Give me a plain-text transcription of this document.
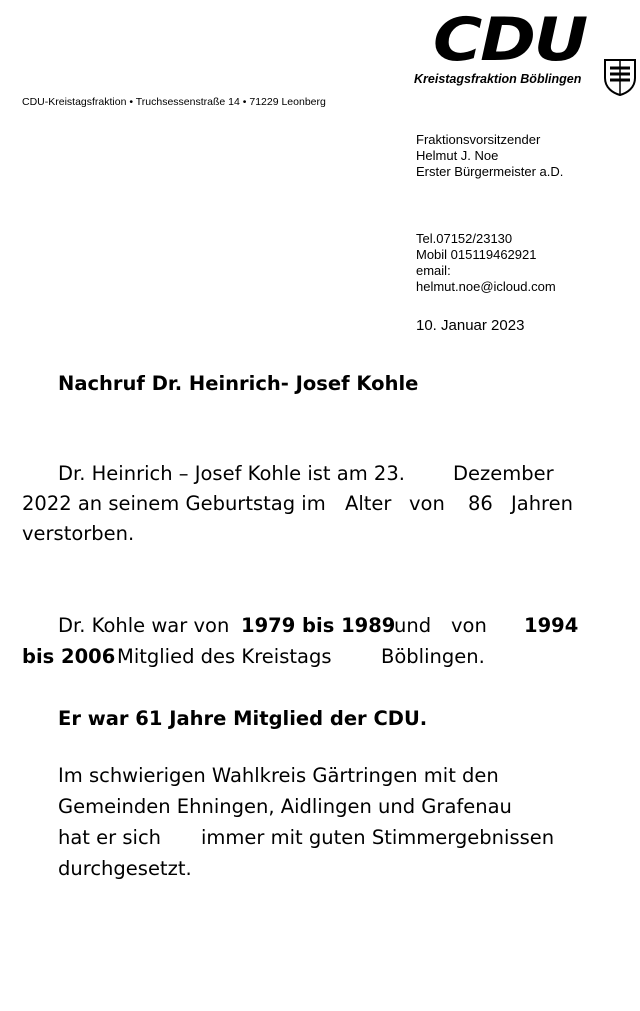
CDU
Kreistagsfraktion Böblingen
CDU-Kreistagsfraktion • Truchsessenstraße 14 • 71229 Leonberg
Fraktionsvorsitzender
Helmut J. Noe
Erster Bürgermeister a.D.
Tel.07152/23130
Mobil 015119462921
email:
helmut.noe@icloud.com
10. Januar 2023
Nachruf Dr. Heinrich- Josef Kohle
Dr. Heinrich – Josef Kohle ist am 23. Dezember
2022 an seinem Geburtstag im Alter von 86 Jahren
verstorben.
Dr. Kohle war von 1979 bis 1989
und von 1994
bis 2006 Mitglied des Kreistags	Böblingen.
Er war 61 Jahre Mitglied der CDU.
Im schwierigen Wahlkreis Gärtringen mit den
Gemeinden Ehningen, Aidlingen und Grafenau
hat er sich immer mit guten Stimmergebnissen
durchgesetzt.
